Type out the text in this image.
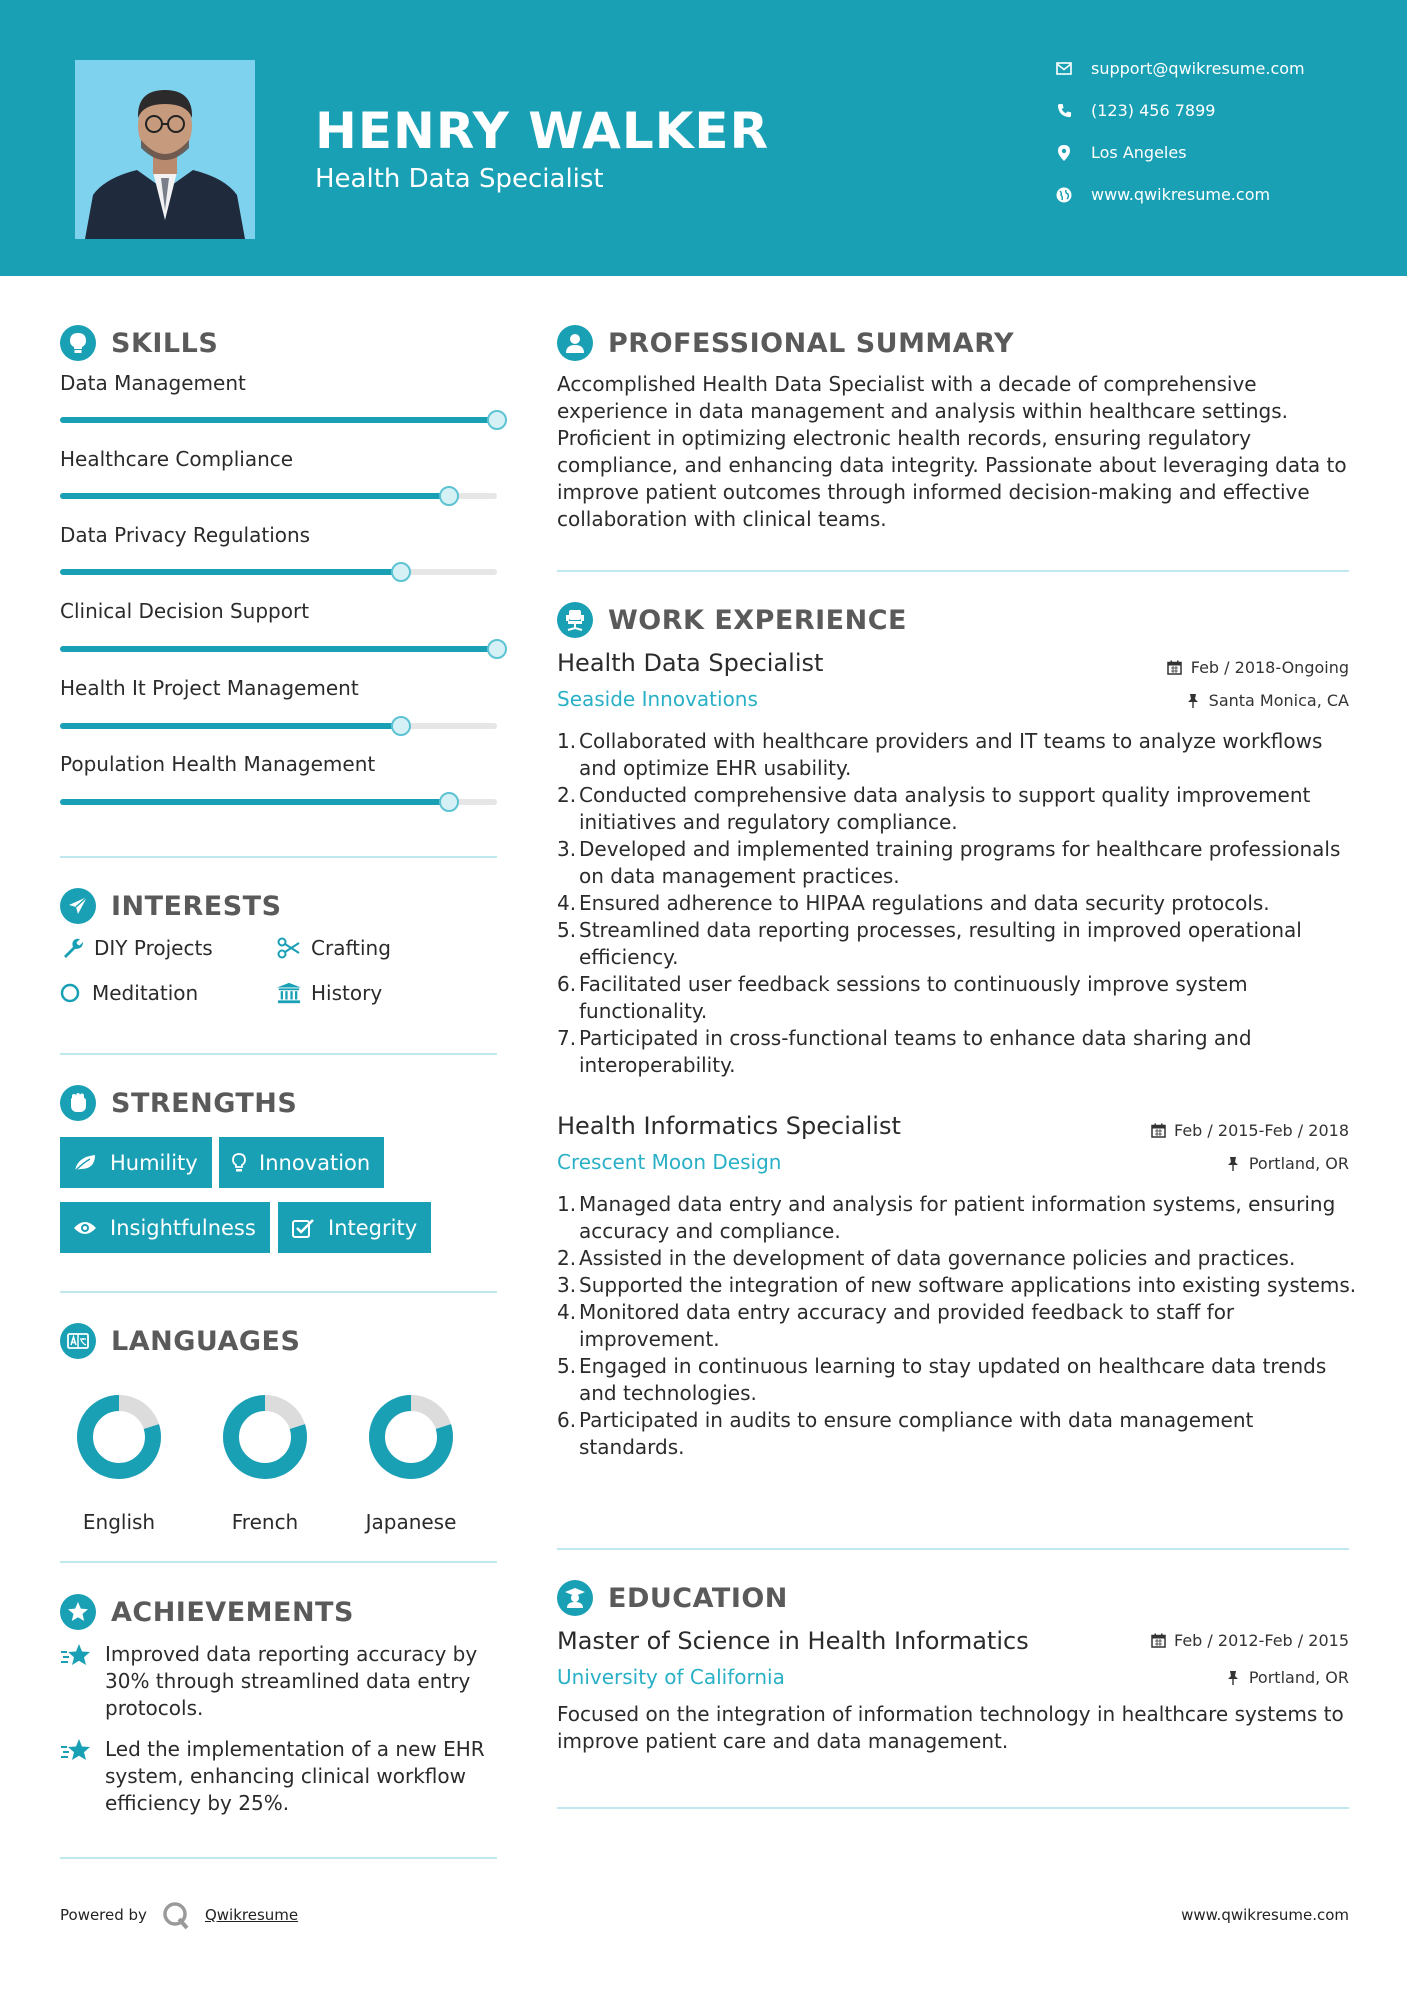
HENRY WALKER
Health Data Specialist
support@qwikresume.com
(123) 456 7899
Los Angeles
www.qwikresume.com
SKILLS
Data Management
Healthcare Compliance
Data Privacy Regulations
Clinical Decision Support
Health It Project Management
Population Health Management
INTERESTS
DIY Projects	Crafting
Meditation	History
STRENGTHS
Humility	Innovation
Insightfulness	Integrity
LANGUAGES
English	French	Japanese
ACHIEVEMENTS
Improved data reporting accuracy by 30% through streamlined data entry protocols.
Led the implementation of a new EHR system, enhancing clinical workflow efficiency by 25%.
PROFESSIONAL SUMMARY
Accomplished Health Data Specialist with a decade of comprehensive experience in data management and analysis within healthcare settings. Proficient in optimizing electronic health records, ensuring regulatory compliance, and enhancing data integrity. Passionate about leveraging data to improve patient outcomes through informed decision-making and effective collaboration with clinical teams.
WORK EXPERIENCE
Health Data Specialist	Feb / 2018-Ongoing
Seaside Innovations	Santa Monica, CA
1. Collaborated with healthcare providers and IT teams to analyze workflows and optimize EHR usability.
2. Conducted comprehensive data analysis to support quality improvement initiatives and regulatory compliance.
3. Developed and implemented training programs for healthcare professionals on data management practices.
4. Ensured adherence to HIPAA regulations and data security protocols.
5. Streamlined data reporting processes, resulting in improved operational efficiency.
6. Facilitated user feedback sessions to continuously improve system functionality.
7. Participated in cross-functional teams to enhance data sharing and interoperability.
Health Informatics Specialist	Feb / 2015-Feb / 2018
Crescent Moon Design	Portland, OR
1. Managed data entry and analysis for patient information systems, ensuring accuracy and compliance.
2. Assisted in the development of data governance policies and practices.
3. Supported the integration of new software applications into existing systems.
4. Monitored data entry accuracy and provided feedback to staff for improvement.
5. Engaged in continuous learning to stay updated on healthcare data trends and technologies.
6. Participated in audits to ensure compliance with data management standards.
EDUCATION
Master of Science in Health Informatics	Feb / 2012-Feb / 2015
University of California	Portland, OR
Focused on the integration of information technology in healthcare systems to improve patient care and data management.
Powered by	Qwikresume	www.qwikresume.com
